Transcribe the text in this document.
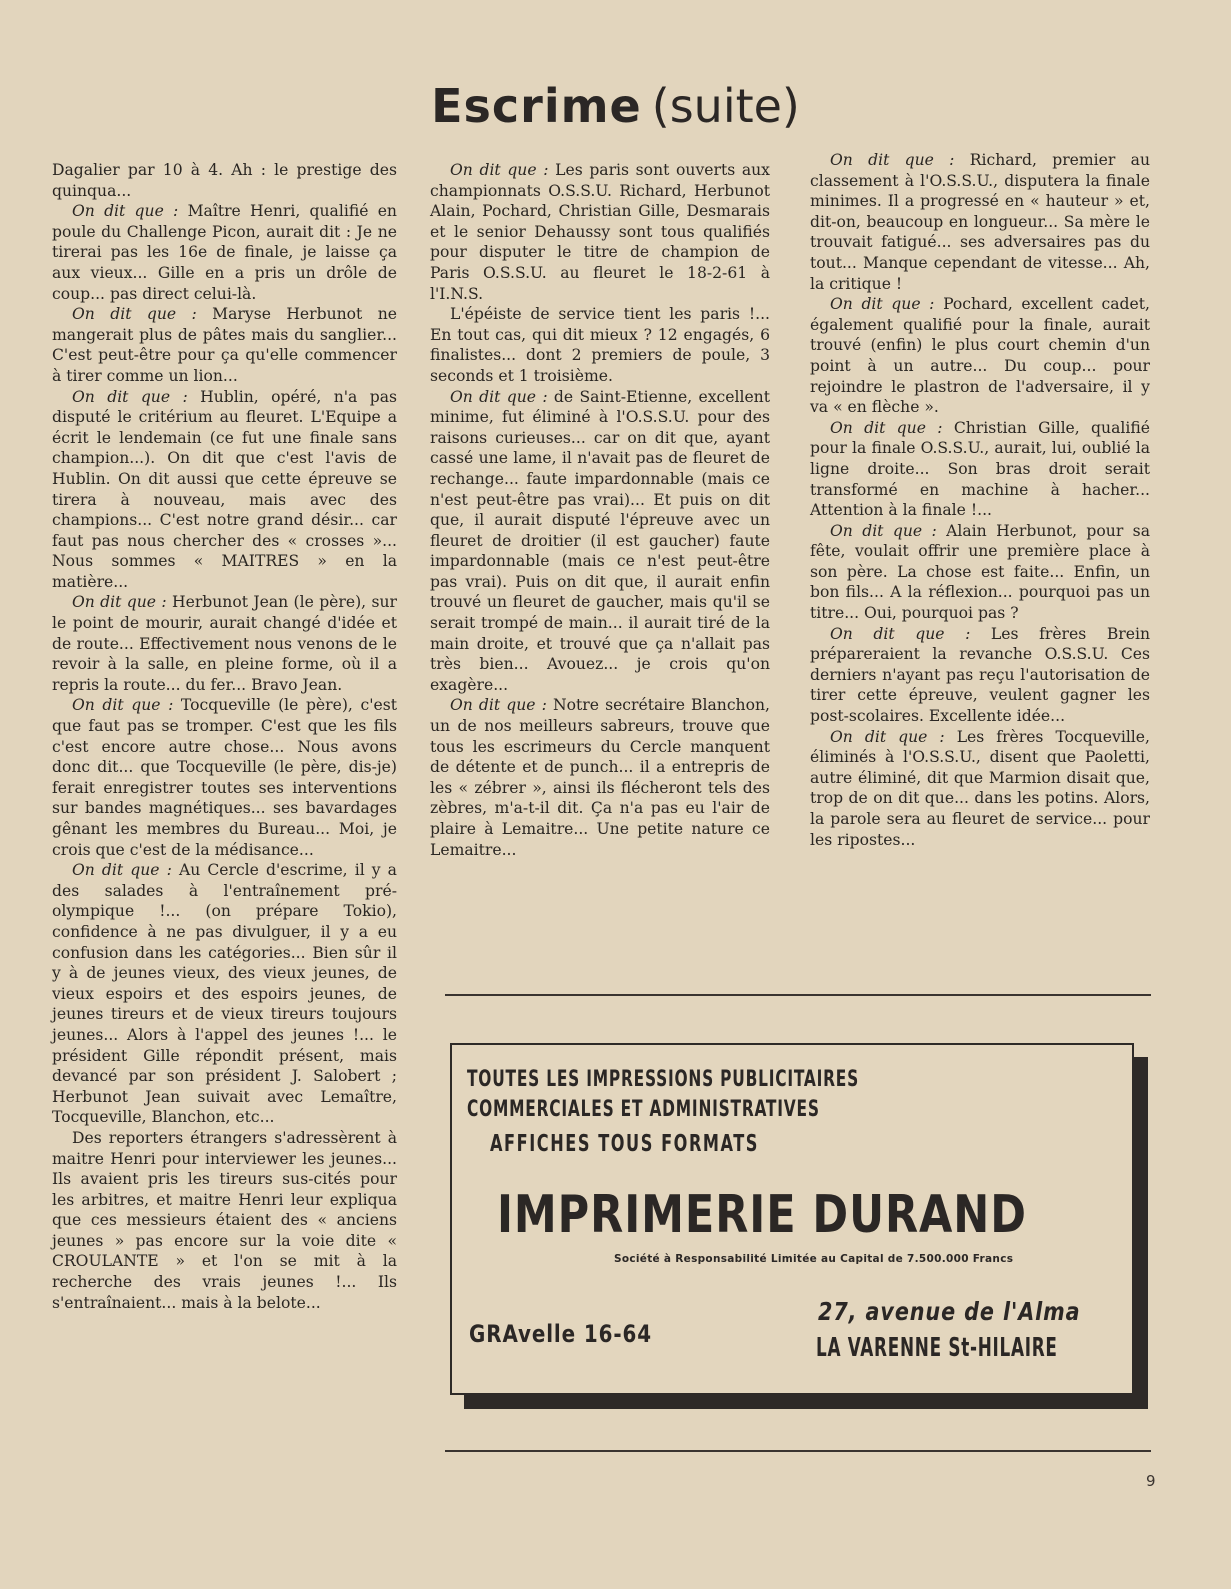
Escrime (suite)

Dagalier par 10 à 4. Ah : le prestige des quinqua...

On dit que : Maître Henri, qualifié en poule du Challenge Picon, aurait dit : Je ne tirerai pas les 16e de finale, je laisse ça aux vieux... Gille en a pris un drôle de coup... pas direct celui-là.

On dit que : Maryse Herbunot ne mangerait plus de pâtes mais du sanglier... C'est peut-être pour ça qu'elle commencer à tirer comme un lion...

On dit que : Hublin, opéré, n'a pas disputé le critérium au fleuret. L'Equipe a écrit le lendemain (ce fut une finale sans champion...). On dit que c'est l'avis de Hublin. On dit aussi que cette épreuve se tirera à nouveau, mais avec des champions... C'est notre grand désir... car faut pas nous chercher des « crosses »... Nous sommes « MAITRES » en la matière...

On dit que : Herbunot Jean (le père), sur le point de mourir, aurait changé d'idée et de route... Effectivement nous venons de le revoir à la salle, en pleine forme, où il a repris la route... du fer... Bravo Jean.

On dit que : Tocqueville (le père), c'est que faut pas se tromper. C'est que les fils c'est encore autre chose... Nous avons donc dit... que Tocqueville (le père, dis-je) ferait enregistrer toutes ses interventions sur bandes magnétiques... ses bavardages gênant les membres du Bureau... Moi, je crois que c'est de la médisance...

On dit que : Au Cercle d'escrime, il y a des salades à l'entraînement pré-olympique !... (on prépare Tokio), confidence à ne pas divulguer, il y a eu confusion dans les catégories... Bien sûr il y à de jeunes vieux, des vieux jeunes, de vieux espoirs et des espoirs jeunes, de jeunes tireurs et de vieux tireurs toujours jeunes... Alors à l'appel des jeunes !... le président Gille répondit présent, mais devancé par son président J. Salobert ; Herbunot Jean suivait avec Lemaître, Tocqueville, Blanchon, etc...

Des reporters étrangers s'adressèrent à maitre Henri pour interviewer les jeunes... Ils avaient pris les tireurs sus-cités pour les arbitres, et maitre Henri leur expliqua que ces messieurs étaient des « anciens jeunes » pas encore sur la voie dite « CROULANTE » et l'on se mit à la recherche des vrais jeunes !... Ils s'entraînaient... mais à la belote...

On dit que : Les paris sont ouverts aux championnats O.S.S.U. Richard, Herbunot Alain, Pochard, Christian Gille, Desmarais et le senior Dehaussy sont tous qualifiés pour disputer le titre de champion de Paris O.S.S.U. au fleuret le 18-2-61 à l'I.N.S.

L'épéiste de service tient les paris !... En tout cas, qui dit mieux ? 12 engagés, 6 finalistes... dont 2 premiers de poule, 3 seconds et 1 troisième.

On dit que : de Saint-Etienne, excellent minime, fut éliminé à l'O.S.S.U. pour des raisons curieuses... car on dit que, ayant cassé une lame, il n'avait pas de fleuret de rechange... faute impardonnable (mais ce n'est peut-être pas vrai)... Et puis on dit que, il aurait disputé l'épreuve avec un fleuret de droitier (il est gaucher) faute impardonnable (mais ce n'est peut-être pas vrai). Puis on dit que, il aurait enfin trouvé un fleuret de gaucher, mais qu'il se serait trompé de main... il aurait tiré de la main droite, et trouvé que ça n'allait pas très bien... Avouez... je crois qu'on exagère...

On dit que : Notre secrétaire Blanchon, un de nos meilleurs sabreurs, trouve que tous les escrimeurs du Cercle manquent de détente et de punch... il a entrepris de les « zébrer », ainsi ils flécheront tels des zèbres, m'a-t-il dit. Ça n'a pas eu l'air de plaire à Lemaitre... Une petite nature ce Lemaitre...

On dit que : Richard, premier au classement à l'O.S.S.U., disputera la finale minimes. Il a progressé en « hauteur » et, dit-on, beaucoup en longueur... Sa mère le trouvait fatigué... ses adversaires pas du tout... Manque cependant de vitesse... Ah, la critique !

On dit que : Pochard, excellent cadet, également qualifié pour la finale, aurait trouvé (enfin) le plus court chemin d'un point à un autre... Du coup... pour rejoindre le plastron de l'adversaire, il y va « en flèche ».

On dit que : Christian Gille, qualifié pour la finale O.S.S.U., aurait, lui, oublié la ligne droite... Son bras droit serait transformé en machine à hacher... Attention à la finale !...

On dit que : Alain Herbunot, pour sa fête, voulait offrir une première place à son père. La chose est faite... Enfin, un bon fils... A la réflexion... pourquoi pas un titre... Oui, pourquoi pas ?

On dit que : Les frères Brein prépareraient la revanche O.S.S.U. Ces derniers n'ayant pas reçu l'autorisation de tirer cette épreuve, veulent gagner les post-scolaires. Excellente idée...

On dit que : Les frères Tocqueville, éliminés à l'O.S.S.U., disent que Paoletti, autre éliminé, dit que Marmion disait que, trop de on dit que... dans les potins. Alors, la parole sera au fleuret de service... pour les ripostes...

TOUTES LES IMPRESSIONS PUBLICITAIRES
COMMERCIALES ET ADMINISTRATIVES
AFFICHES TOUS FORMATS
IMPRIMERIE DURAND
Société à Responsabilité Limitée au Capital de 7.500.000 Francs
GRAvelle 16-64
27, avenue de l'Alma
LA VARENNE St-HILAIRE
9
